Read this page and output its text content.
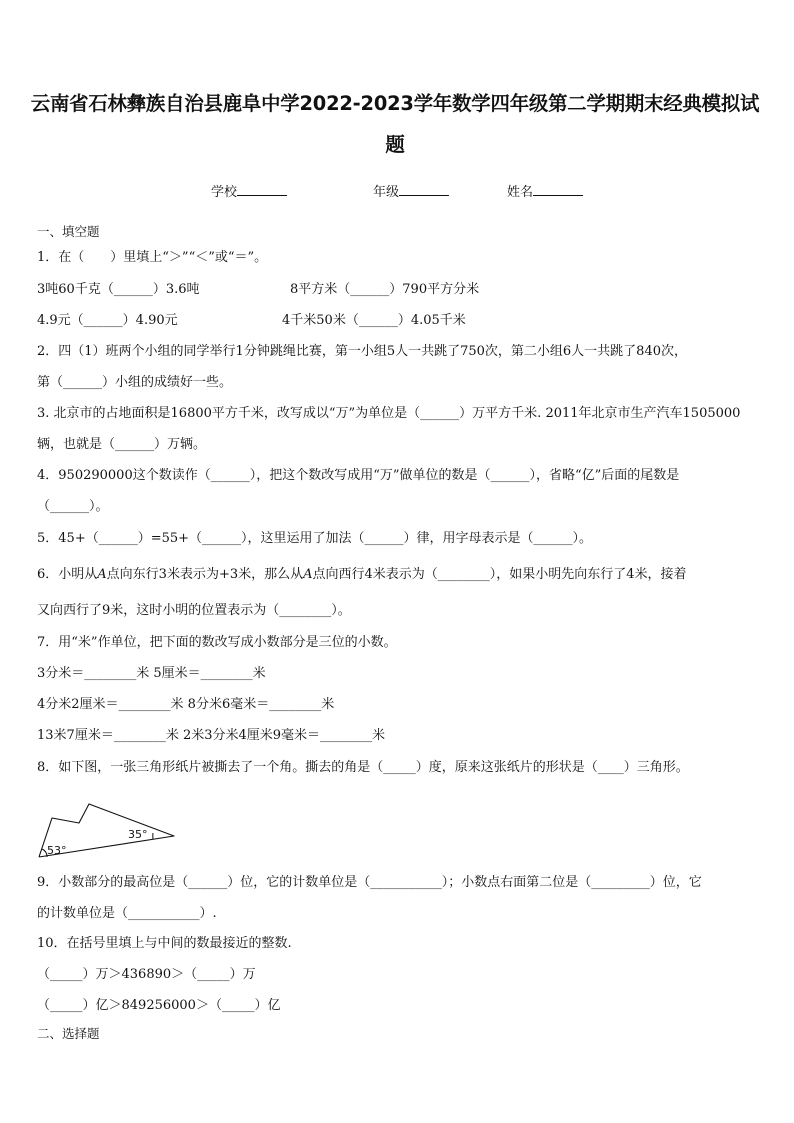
云南省石林彝族自治县鹿阜中学2022-2023学年数学四年级第二学期期末经典模拟试
题
学校	年级	姓名
一、填空题
1．在（　　）里填上“＞”“＜”或“＝”。
3吨60千克（______）3.6吨	8平方米（______）790平方分米
4.9元（______）4.90元	4千米50米（______）4.05千米
2．四（1）班两个小组的同学举行1分钟跳绳比赛，第一小组5人一共跳了750次，第二小组6人一共跳了840次，
第（______）小组的成绩好一些。
3. 北京市的占地面积是16800平方千米，改写成以“万”为单位是（______）万平方千米. 2011年北京市生产汽车1505000
辆，也就是（______）万辆。
4．950290000这个数读作（______），把这个数改写成用“万”做单位的数是（______），省略“亿”后面的尾数是
（______）。
5．45+（______）=55+（______），这里运用了加法（______）律，用字母表示是（______）。
6．小明从A点向东行3米表示为+3米，那么从A点向西行4米表示为（________），如果小明先向东行了4米，接着
又向西行了9米，这时小明的位置表示为（________）。
7．用“米”作单位，把下面的数改写成小数部分是三位的小数。
3分米＝________米 5厘米＝________米
4分米2厘米＝________米 8分米6毫米＝________米
13米7厘米＝________米 2米3分米4厘米9毫米＝________米
8．如下图，一张三角形纸片被撕去了一个角。撕去的角是（_____）度，原来这张纸片的形状是（____）三角形。
53°
35°
9．小数部分的最高位是（______）位，它的计数单位是（___________）；小数点右面第二位是（_________）位，它
的计数单位是（___________）.
10．在括号里填上与中间的数最接近的整数.
（_____）万＞436890＞（_____）万
（_____）亿＞849256000＞（_____）亿
二、选择题
